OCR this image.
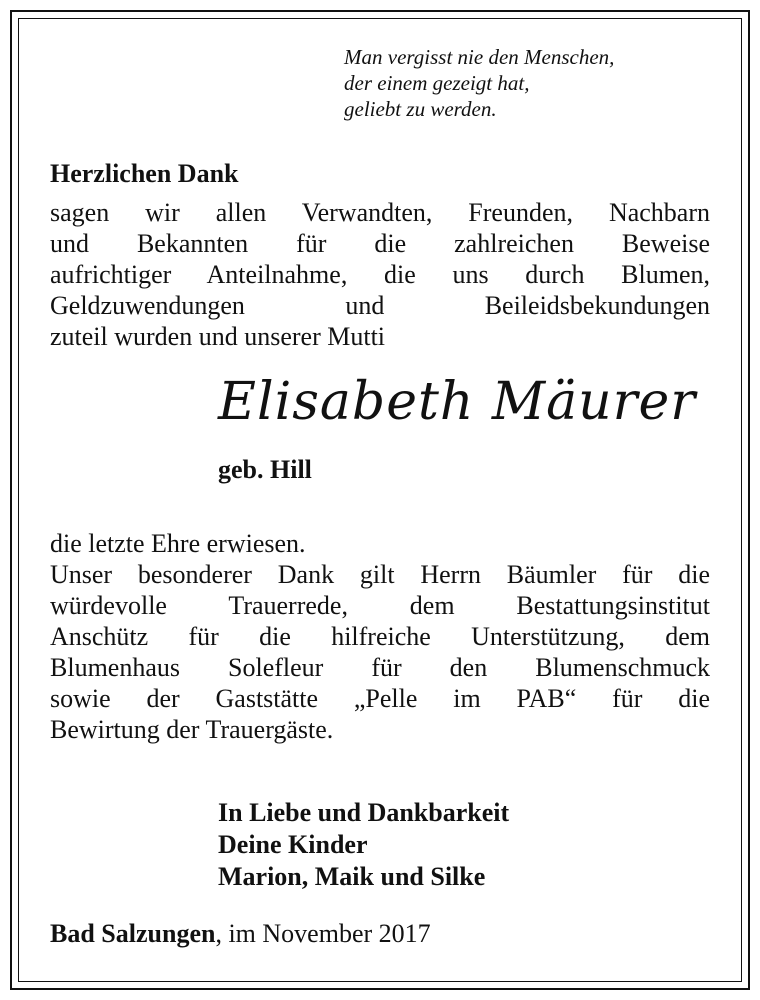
Man vergisst nie den Menschen,
der einem gezeigt hat,
geliebt zu werden.
Herzlichen Dank
sagen wir allen Verwandten, Freunden, Nachbarn
und Bekannten für die zahlreichen Beweise
aufrichtiger Anteilnahme, die uns durch Blumen,
Geldzuwendungen und Beileidsbekundungen
zuteil wurden und unserer Mutti
Elisabeth Mäurer
geb. Hill
die letzte Ehre erwiesen.
Unser besonderer Dank gilt Herrn Bäumler für die
würdevolle Trauerrede, dem Bestattungsinstitut
Anschütz für die hilfreiche Unterstützung, dem
Blumenhaus Solefleur für den Blumenschmuck
sowie der Gaststätte „Pelle im PAB“ für die
Bewirtung der Trauergäste.
In Liebe und Dankbarkeit
Deine Kinder
Marion, Maik und Silke
Bad Salzungen, im November 2017
